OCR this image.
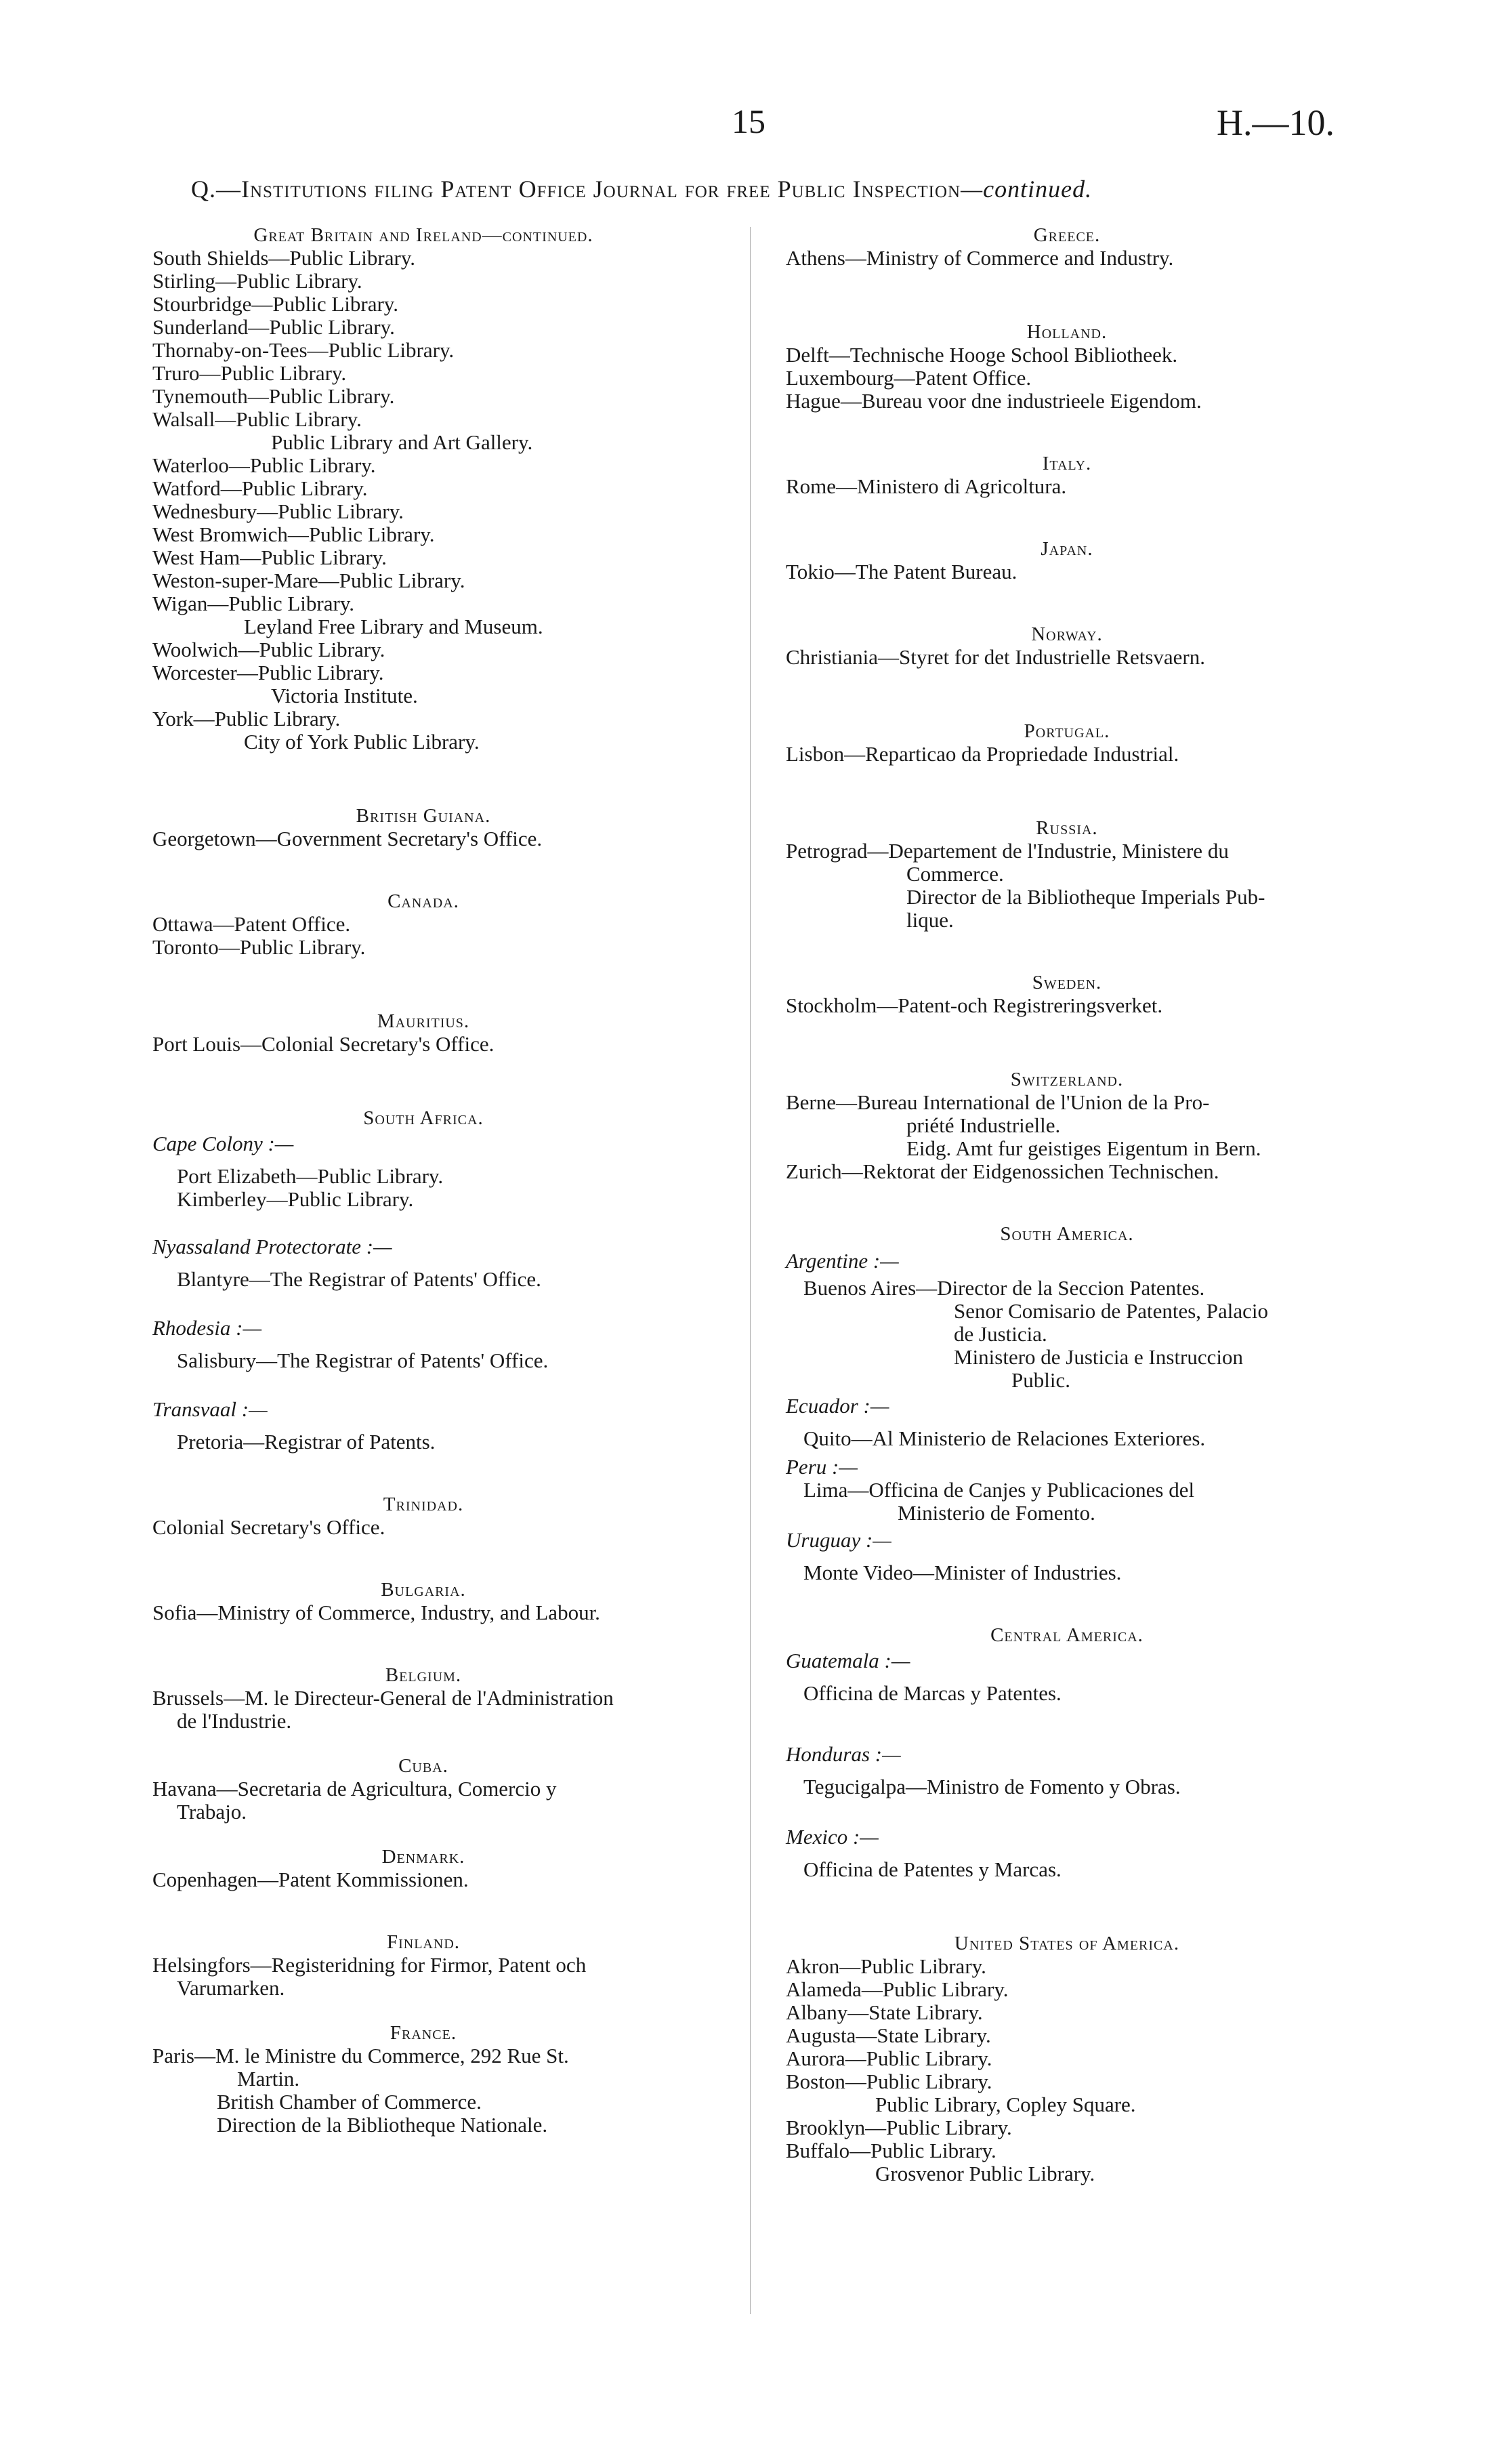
15	H.—10.
Q.—Institutions filing Patent Office Journal for free Public Inspection—continued.
Great Britain and Ireland—continued.
South Shields—Public Library.
Stirling—Public Library.
Stourbridge—Public Library.
Sunderland—Public Library.
Thornaby-on-Tees—Public Library.
Truro—Public Library.
Tynemouth—Public Library.
Walsall—Public Library.
Public Library and Art Gallery.
Waterloo—Public Library.
Watford—Public Library.
Wednesbury—Public Library.
West Bromwich—Public Library.
West Ham—Public Library.
Weston-super-Mare—Public Library.
Wigan—Public Library.
Leyland Free Library and Museum.
Woolwich—Public Library.
Worcester—Public Library.
Victoria Institute.
York—Public Library.
City of York Public Library.
British Guiana.
Georgetown—Government Secretary's Office.
Canada.
Ottawa—Patent Office.
Toronto—Public Library.
Mauritius.
Port Louis—Colonial Secretary's Office.
South Africa.
Cape Colony :—
Port Elizabeth—Public Library.
Kimberley—Public Library.
Nyassaland Protectorate :—
Blantyre—The Registrar of Patents' Office.
Rhodesia :—
Salisbury—The Registrar of Patents' Office.
Transvaal :—
Pretoria—Registrar of Patents.
Trinidad.
Colonial Secretary's Office.
Bulgaria.
Sofia—Ministry of Commerce, Industry, and Labour.
Belgium.
Brussels—M. le Directeur-General de l'Administration
de l'Industrie.
Cuba.
Havana—Secretaria de Agricultura, Comercio y
Trabajo.
Denmark.
Copenhagen—Patent Kommissionen.
Finland.
Helsingfors—Registeridning for Firmor, Patent och
Varumarken.
France.
Paris—M. le Ministre du Commerce, 292 Rue St.
Martin.
British Chamber of Commerce.
Direction de la Bibliotheque Nationale.
Greece.
Athens—Ministry of Commerce and Industry.
Holland.
Delft—Technische Hooge School Bibliotheek.
Luxembourg—Patent Office.
Hague—Bureau voor dne industrieele Eigendom.
Italy.
Rome—Ministero di Agricoltura.
Japan.
Tokio—The Patent Bureau.
Norway.
Christiania—Styret for det Industrielle Retsvaern.
Portugal.
Lisbon—Reparticao da Propriedade Industrial.
Russia.
Petrograd—Departement de l'Industrie, Ministere du
Commerce.
Director de la Bibliotheque Imperials Pub-
lique.
Sweden.
Stockholm—Patent-och Registreringsverket.
Switzerland.
Berne—Bureau International de l'Union de la Pro-
priété Industrielle.
Eidg. Amt fur geistiges Eigentum in Bern.
Zurich—Rektorat der Eidgenossichen Technischen.
South America.
Argentine :—
Buenos Aires—Director de la Seccion Patentes.
Senor Comisario de Patentes, Palacio
de Justicia.
Ministero de Justicia e Instruccion
Public.
Ecuador :—
Quito—Al Ministerio de Relaciones Exteriores.
Peru :—
Lima—Officina de Canjes y Publicaciones del
Ministerio de Fomento.
Uruguay :—
Monte Video—Minister of Industries.
Central America.
Guatemala :—
Officina de Marcas y Patentes.
Honduras :—
Tegucigalpa—Ministro de Fomento y Obras.
Mexico :—
Officina de Patentes y Marcas.
United States of America.
Akron—Public Library.
Alameda—Public Library.
Albany—State Library.
Augusta—State Library.
Aurora—Public Library.
Boston—Public Library.
Public Library, Copley Square.
Brooklyn—Public Library.
Buffalo—Public Library.
Grosvenor Public Library.
